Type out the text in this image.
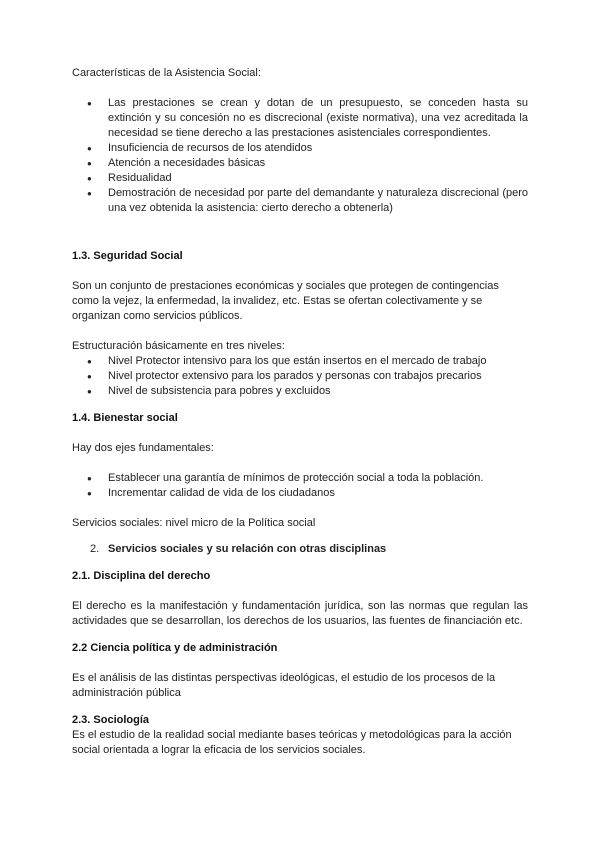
Características de la Asistencia Social:

● Las prestaciones se crean y dotan de un presupuesto, se conceden hasta su extinción y su concesión no es discrecional (existe normativa), una vez acreditada la necesidad se tiene derecho a las prestaciones asistenciales correspondientes.
● Insuficiencia de recursos de los atendidos
● Atención a necesidades básicas
● Residualidad
● Demostración de necesidad por parte del demandante y naturaleza discrecional (pero una vez obtenida la asistencia: cierto derecho a obtenerla)
1.3. Seguridad Social

Son un conjunto de prestaciones económicas y sociales que protegen de contingencias como la vejez, la enfermedad, la invalidez, etc. Estas se ofertan colectivamente y se organizan como servicios públicos.

Estructuración básicamente en tres niveles:

● Nivel Protector intensivo para los que están insertos en el mercado de trabajo
● Nivel protector extensivo para los parados y personas con trabajos precarios
● Nivel de subsistencia para pobres y excluidos
1.4. Bienestar social

Hay dos ejes fundamentales:

● Establecer una garantía de mínimos de protección social a toda la población.
● Incrementar calidad de vida de los ciudadanos

Servicios sociales: nivel micro de la Política social

2. Servicios sociales y su relación con otras disciplinas
2.1. Disciplina del derecho

El derecho es la manifestación y fundamentación jurídica, son las normas que regulan las actividades que se desarrollan, los derechos de los usuarios, las fuentes de financiación etc.

2.2 Ciencia política y de administración

Es el análisis de las distintas perspectivas ideológicas, el estudio de los procesos de la administración pública

2.3. Sociología

Es el estudio de la realidad social mediante bases teóricas y metodológicas para la acción social orientada a lograr la eficacia de los servicios sociales.
